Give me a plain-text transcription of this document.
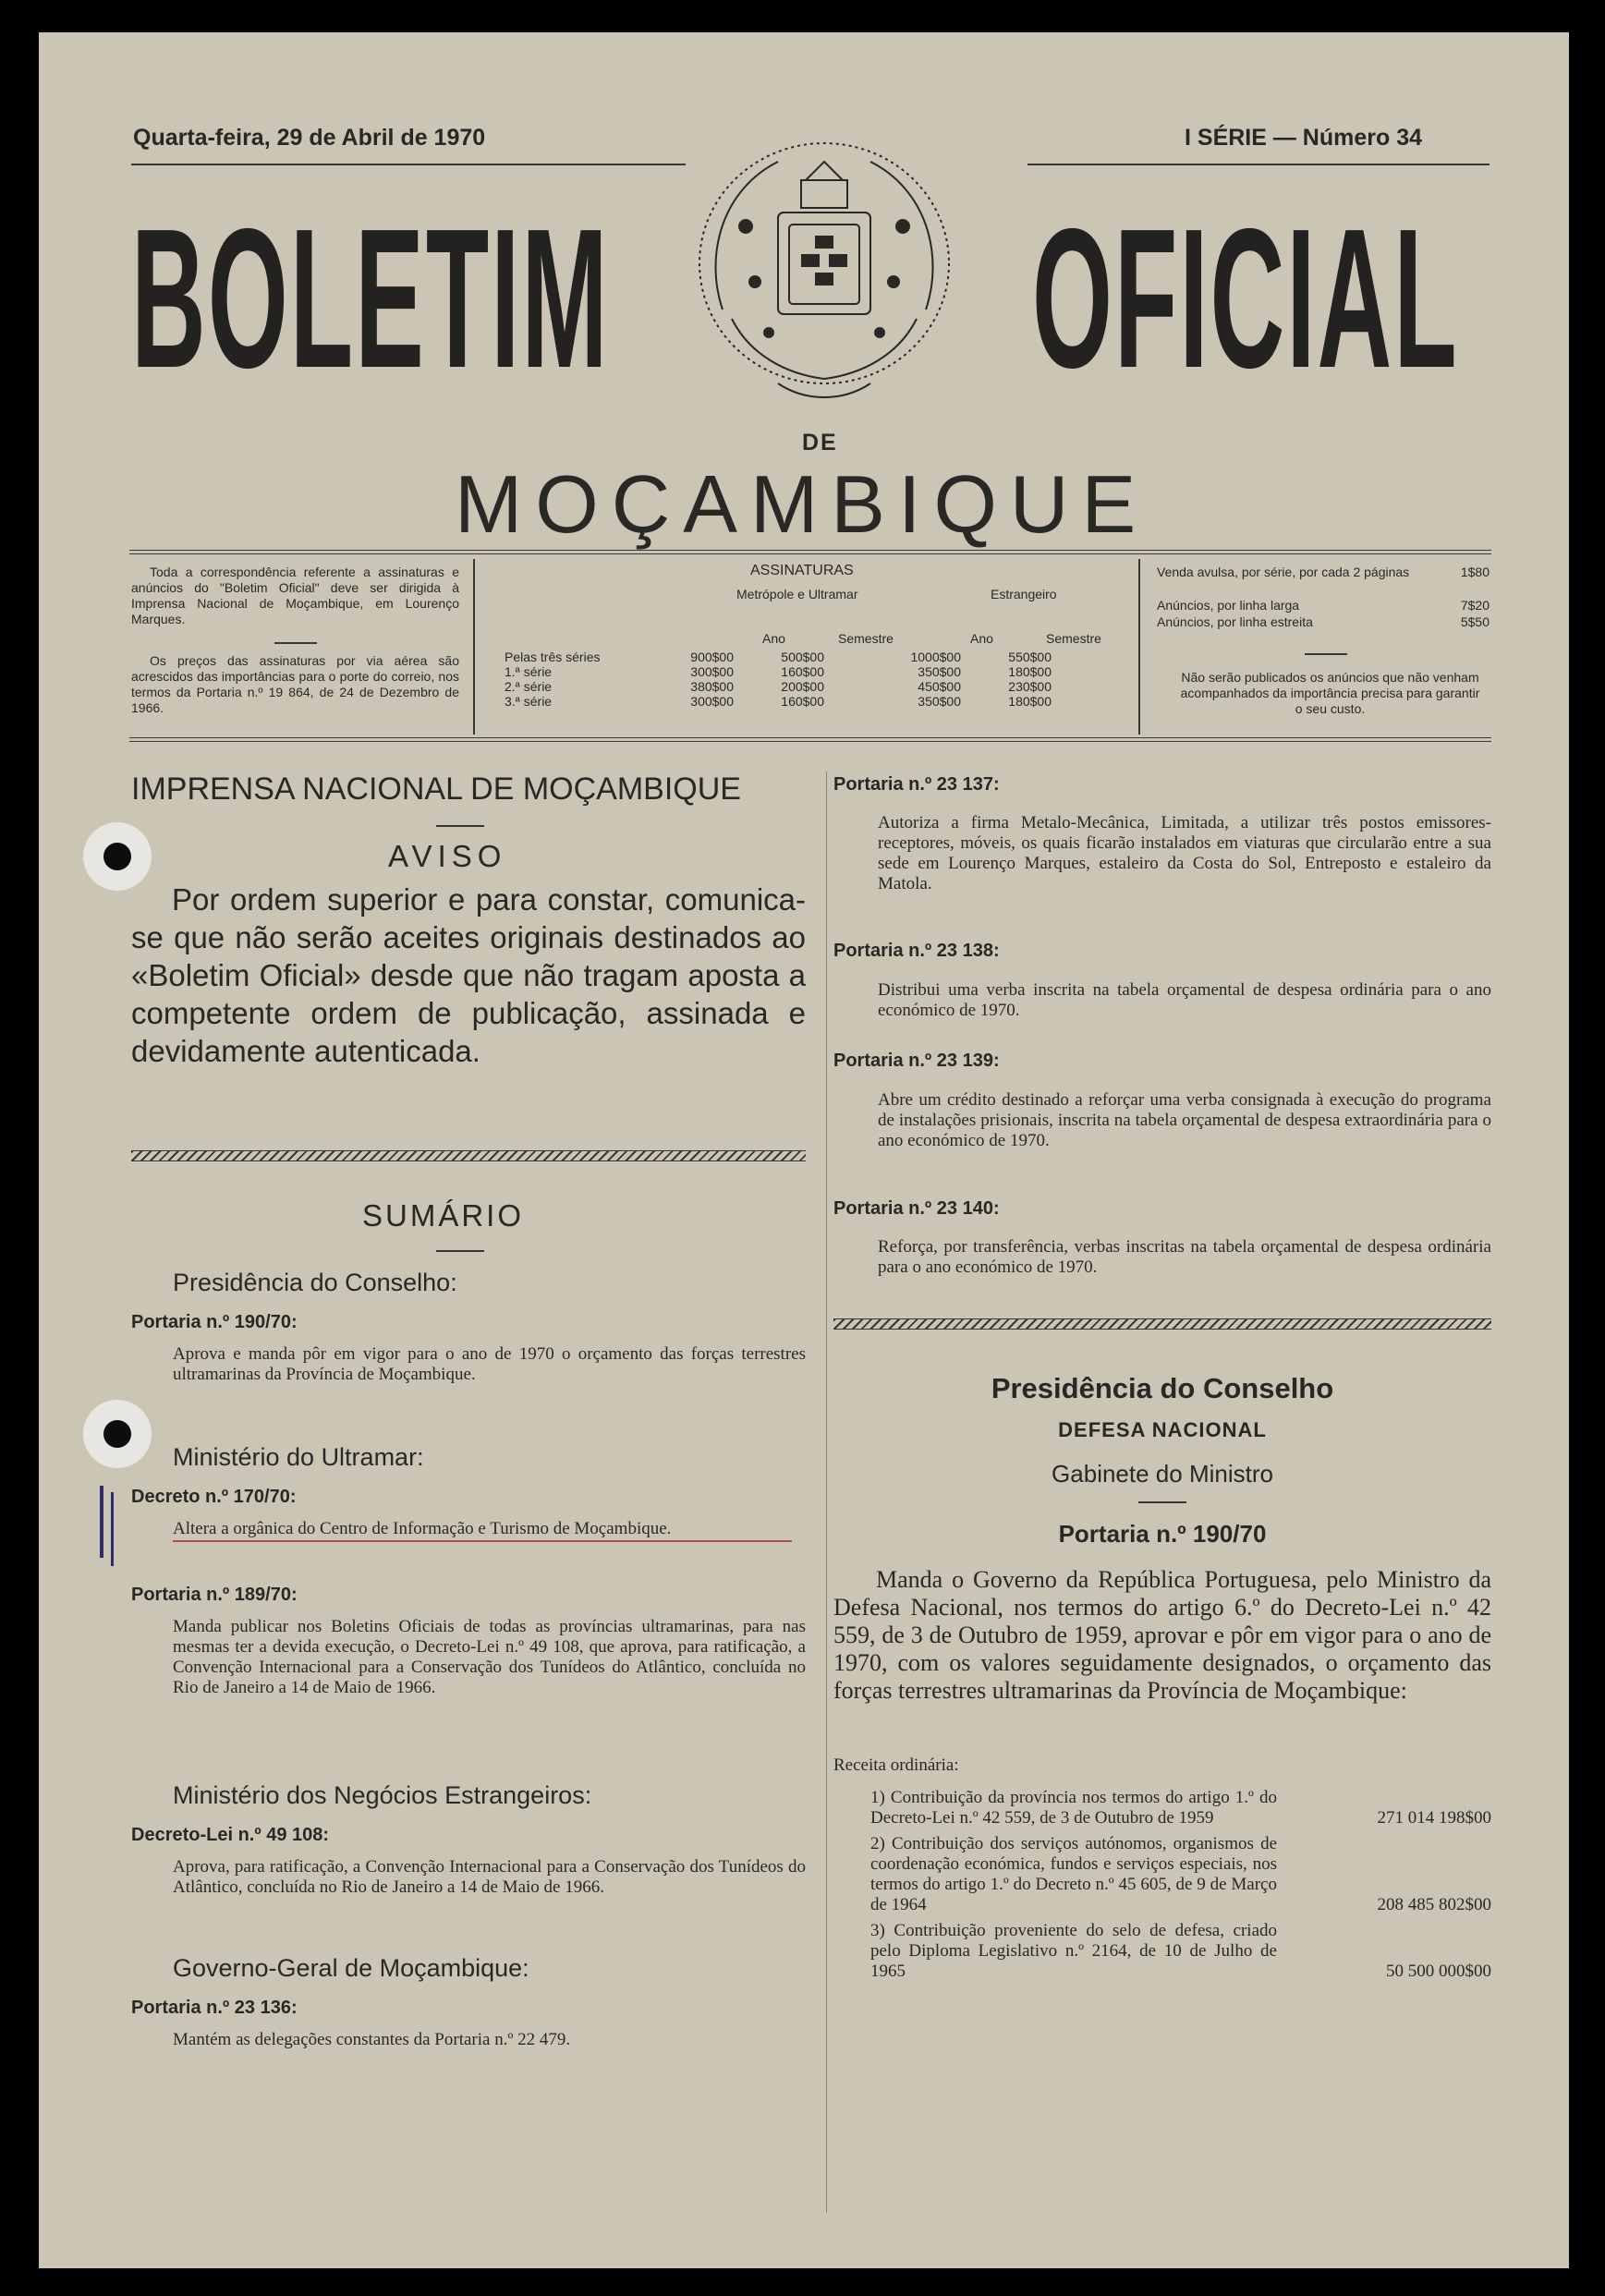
Quarta-feira, 29 de Abril de 1970	I SÉRIE — Número 34
BOLETIM OFICIAL
DE
MOÇAMBIQUE
Toda a correspondência referente a assinaturas e anúncios do "Boletim Oficial" deve ser dirigida à Imprensa Nacional de Moçambique, em Lourenço Marques.
Os preços das assinaturas por via aérea são acrescidos das importâncias para o porte do correio, nos termos da Portaria n.º 19 864, de 24 de Dezembro de 1966.
ASSINATURAS
Metrópole e Ultramar	Estrangeiro
Ano	Semestre	Ano	Semestre
Pelas três séries	900$00	500$00	1000$00	550$00
1.ª série	300$00	160$00	350$00	180$00
2.ª série	380$00	200$00	450$00	230$00
3.ª série	300$00	160$00	350$00	180$00
Venda avulsa, por série, por cada 2 páginas	1$80
Anúncios, por linha larga	7$20
Anúncios, por linha estreita	5$50
Não serão publicados os anúncios que não venham acompanhados da importância precisa para garantir o seu custo.
IMPRENSA NACIONAL DE MOÇAMBIQUE
AVISO
Por ordem superior e para constar, comunica-se que não serão aceites originais destinados ao «Boletim Oficial» desde que não tragam aposta a competente ordem de publicação, assinada e devidamente autenticada.
SUMÁRIO
Presidência do Conselho:
Portaria n.º 190/70:
Aprova e manda pôr em vigor para o ano de 1970 o orçamento das forças terrestres ultramarinas da Província de Moçambique.
Ministério do Ultramar:
Decreto n.º 170/70:
Altera a orgânica do Centro de Informação e Turismo de Moçambique.
Portaria n.º 189/70:
Manda publicar nos Boletins Oficiais de todas as províncias ultramarinas, para nas mesmas ter a devida execução, o Decreto-Lei n.º 49 108, que aprova, para ratificação, a Convenção Internacional para a Conservação dos Tunídeos do Atlântico, concluída no Rio de Janeiro a 14 de Maio de 1966.
Ministério dos Negócios Estrangeiros:
Decreto-Lei n.º 49 108:
Aprova, para ratificação, a Convenção Internacional para a Conservação dos Tunídeos do Atlântico, concluída no Rio de Janeiro a 14 de Maio de 1966.
Governo-Geral de Moçambique:
Portaria n.º 23 136:
Mantém as delegações constantes da Portaria n.º 22 479.
Portaria n.º 23 137:
Autoriza a firma Metalo-Mecânica, Limitada, a utilizar três postos emissores-receptores, móveis, os quais ficarão instalados em viaturas que circularão entre a sua sede em Lourenço Marques, estaleiro da Costa do Sol, Entreposto e estaleiro da Matola.
Portaria n.º 23 138:
Distribui uma verba inscrita na tabela orçamental de despesa ordinária para o ano económico de 1970.
Portaria n.º 23 139:
Abre um crédito destinado a reforçar uma verba consignada à execução do programa de instalações prisionais, inscrita na tabela orçamental de despesa extraordinária para o ano económico de 1970.
Portaria n.º 23 140:
Reforça, por transferência, verbas inscritas na tabela orçamental de despesa ordinária para o ano económico de 1970.
Presidência do Conselho
DEFESA NACIONAL
Gabinete do Ministro
Portaria n.º 190/70
Manda o Governo da República Portuguesa, pelo Ministro da Defesa Nacional, nos termos do artigo 6.º do Decreto-Lei n.º 42 559, de 3 de Outubro de 1959, aprovar e pôr em vigor para o ano de 1970, com os valores seguidamente designados, o orçamento das forças terrestres ultramarinas da Província de Moçambique:
Receita ordinária:
1) Contribuição da província nos termos do artigo 1.º do Decreto-Lei n.º 42 559, de 3 de Outubro de 1959	271 014 198$00
2) Contribuição dos serviços autónomos, organismos de coordenação económica, fundos e serviços especiais, nos termos do artigo 1.º do Decreto n.º 45 605, de 9 de Março de 1964	208 485 802$00
3) Contribuição proveniente do selo de defesa, criado pelo Diploma Legislativo n.º 2164, de 10 de Julho de 1965	50 500 000$00
